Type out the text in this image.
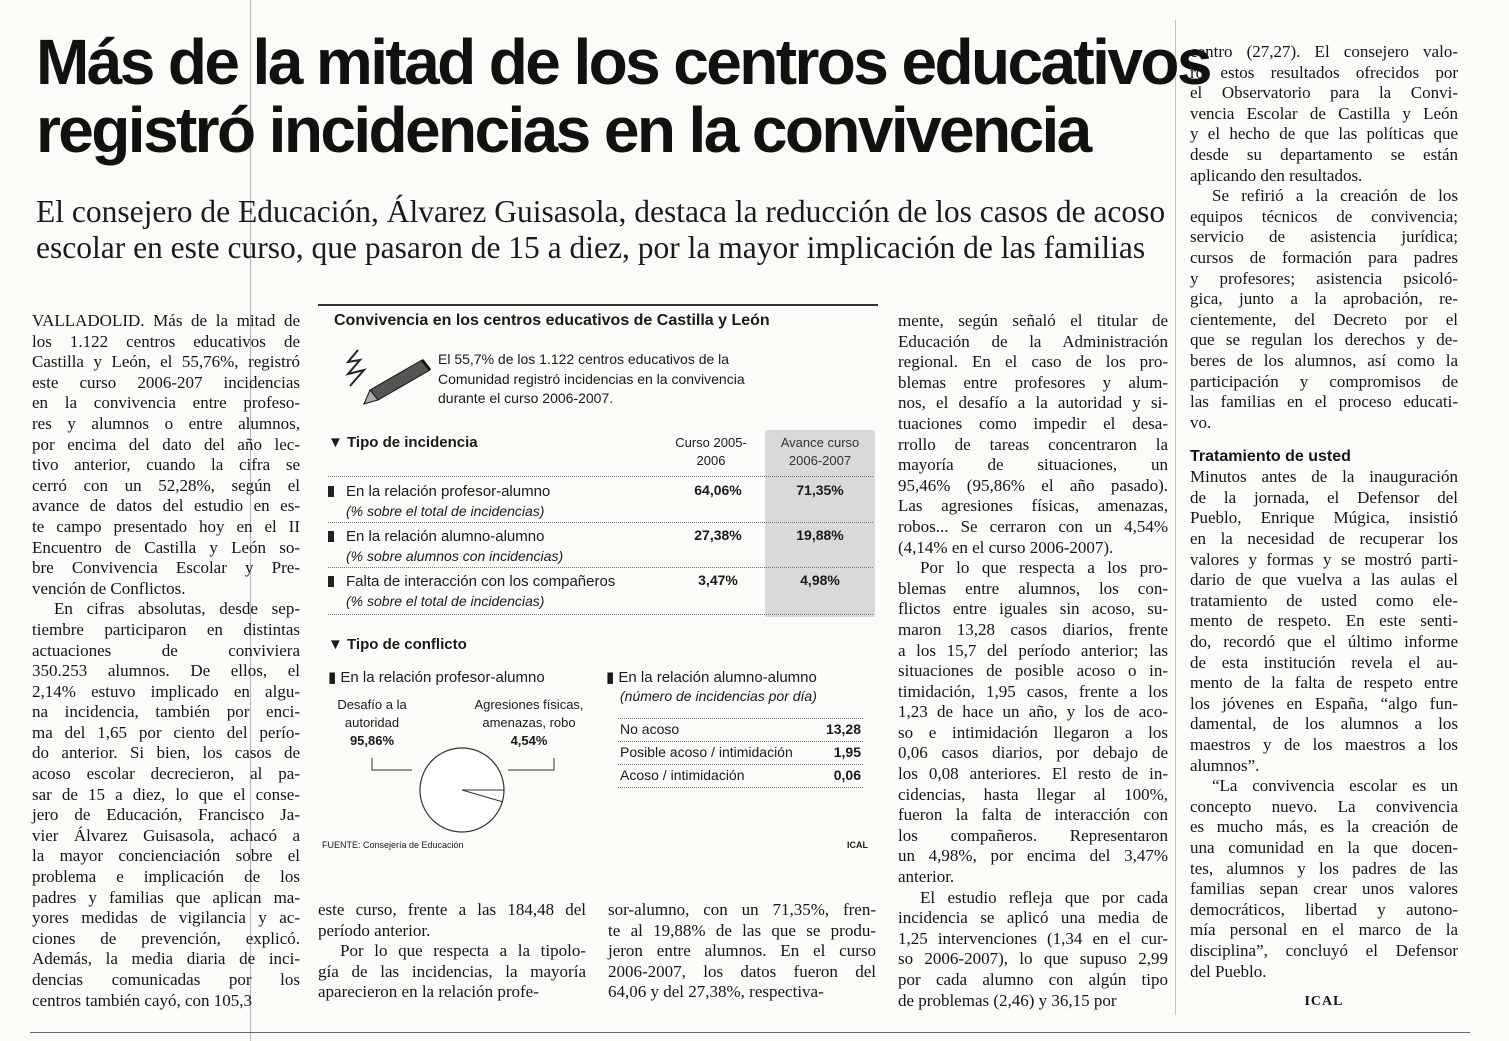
Más de la mitad de los centros educativos
registró incidencias en la convivencia
El consejero de Educación, Álvarez Guisasola, destaca la reducción de los casos de acoso
escolar en este curso, que pasaron de 15 a diez, por la mayor implicación de las familias
VALLADOLID. Más de la mitad de
los 1.122 centros educativos de
Castilla y León, el 55,76%, registró
este curso 2006-207 incidencias
en la convivencia entre profeso-
res y alumnos o entre alumnos,
por encima del dato del año lec-
tivo anterior, cuando la cifra se
cerró con un 52,28%, según el
avance de datos del estudio en es-
te campo presentado hoy en el II
Encuentro de Castilla y León so-
bre Convivencia Escolar y Pre-
vención de Conflictos.
En cifras absolutas, desde sep-
tiembre participaron en distintas
actuaciones de conviviera
350.253 alumnos. De ellos, el
2,14% estuvo implicado en algu-
na incidencia, también por enci-
ma del 1,65 por ciento del perío-
do anterior. Si bien, los casos de
acoso escolar decrecieron, al pa-
sar de 15 a diez, lo que el conse-
jero de Educación, Francisco Ja-
vier Álvarez Guisasola, achacó a
la mayor concienciación sobre el
problema e implicación de los
padres y familias que aplican ma-
yores medidas de vigilancia y ac-
ciones de prevención, explicó.
Además, la media diaria de inci-
dencias comunicadas por los
centros también cayó, con 105,3
este curso, frente a las 184,48 del
período anterior.
Por lo que respecta a la tipolo-
gía de las incidencias, la mayoría
aparecieron en la relación profe-
sor-alumno, con un 71,35%, fren-
te al 19,88% de las que se produ-
jeron entre alumnos. En el curso
2006-2007, los datos fueron del
64,06 y del 27,38%, respectiva-
mente, según señaló el titular de
Educación de la Administración
regional. En el caso de los pro-
blemas entre profesores y alum-
nos, el desafío a la autoridad y si-
tuaciones como impedir el desa-
rrollo de tareas concentraron la
mayoría de situaciones, un
95,46% (95,86% el año pasado).
Las agresiones físicas, amenazas,
robos... Se cerraron con un 4,54%
(4,14% en el curso 2006-2007).
Por lo que respecta a los pro-
blemas entre alumnos, los con-
flictos entre iguales sin acoso, su-
maron 13,28 casos diarios, frente
a los 15,7 del período anterior; las
situaciones de posible acoso o in-
timidación, 1,95 casos, frente a los
1,23 de hace un año, y los de aco-
so e intimidación llegaron a los
0,06 casos diarios, por debajo de
los 0,08 anteriores. El resto de in-
cidencias, hasta llegar al 100%,
fueron la falta de interacción con
los compañeros. Representaron
un 4,98%, por encima del 3,47%
anterior.
El estudio refleja que por cada
incidencia se aplicó una media de
1,25 intervenciones (1,34 en el cur-
so 2006-2007), lo que supuso 2,99
por cada alumno con algún tipo
de problemas (2,46) y 36,15 por
centro (27,27). El consejero valo-
ró estos resultados ofrecidos por
el Observatorio para la Convi-
vencia Escolar de Castilla y León
y el hecho de que las políticas que
desde su departamento se están
aplicando den resultados.
Se refirió a la creación de los
equipos técnicos de convivencia;
servicio de asistencia jurídica;
cursos de formación para padres
y profesores; asistencia psicoló-
gica, junto a la aprobación, re-
cientemente, del Decreto por el
que se regulan los derechos y de-
beres de los alumnos, así como la
participación y compromisos de
las familias en el proceso educati-
vo.
Tratamiento de usted
Minutos antes de la inauguración
de la jornada, el Defensor del
Pueblo, Enrique Múgica, insistió
en la necesidad de recuperar los
valores y formas y se mostró parti-
dario de que vuelva a las aulas el
tratamiento de usted como ele-
mento de respeto. En este senti-
do, recordó que el último informe
de esta institución revela el au-
mento de la falta de respeto entre
los jóvenes en España, “algo fun-
damental, de los alumnos a los
maestros y de los maestros a los
alumnos”.
“La convivencia escolar es un
concepto nuevo. La convivencia
es mucho más, es la creación de
una comunidad en la que docen-
tes, alumnos y los padres de las
familias sepan crear unos valores
democráticos, libertad y autono-
mía personal en el marco de la
disciplina”, concluyó el Defensor
del Pueblo.
ICAL
Convivencia en los centros educativos de Castilla y León
El 55,7% de los 1.122 centros educativos de la Comunidad registró incidencias en la convivencia durante el curso 2006-2007.
▼ Tipo de incidencia	Curso 2005-2006
Avance curso 2006-2007
En la relación profesor-alumno
(% sobre el total de incidencias)
64,06%	71,35%
En la relación alumno-alumno
(% sobre alumnos con incidencias)
27,38%	19,88%
Falta de interacción con los compañeros
(% sobre el total de incidencias)
3,47%	4,98%
▼ Tipo de conflicto
▮ En la relación profesor-alumno	▮ En la relación alumno-alumno
(número de incidencias por día)
Desafío a la autoridad
95,86%
Agresiones físicas, amenazas, robo
4,54%
No acoso	13,28
Posible acoso / intimidación	1,95
Acoso / intimidación	0,06
FUENTE: Consejería de Educación	ICAL
